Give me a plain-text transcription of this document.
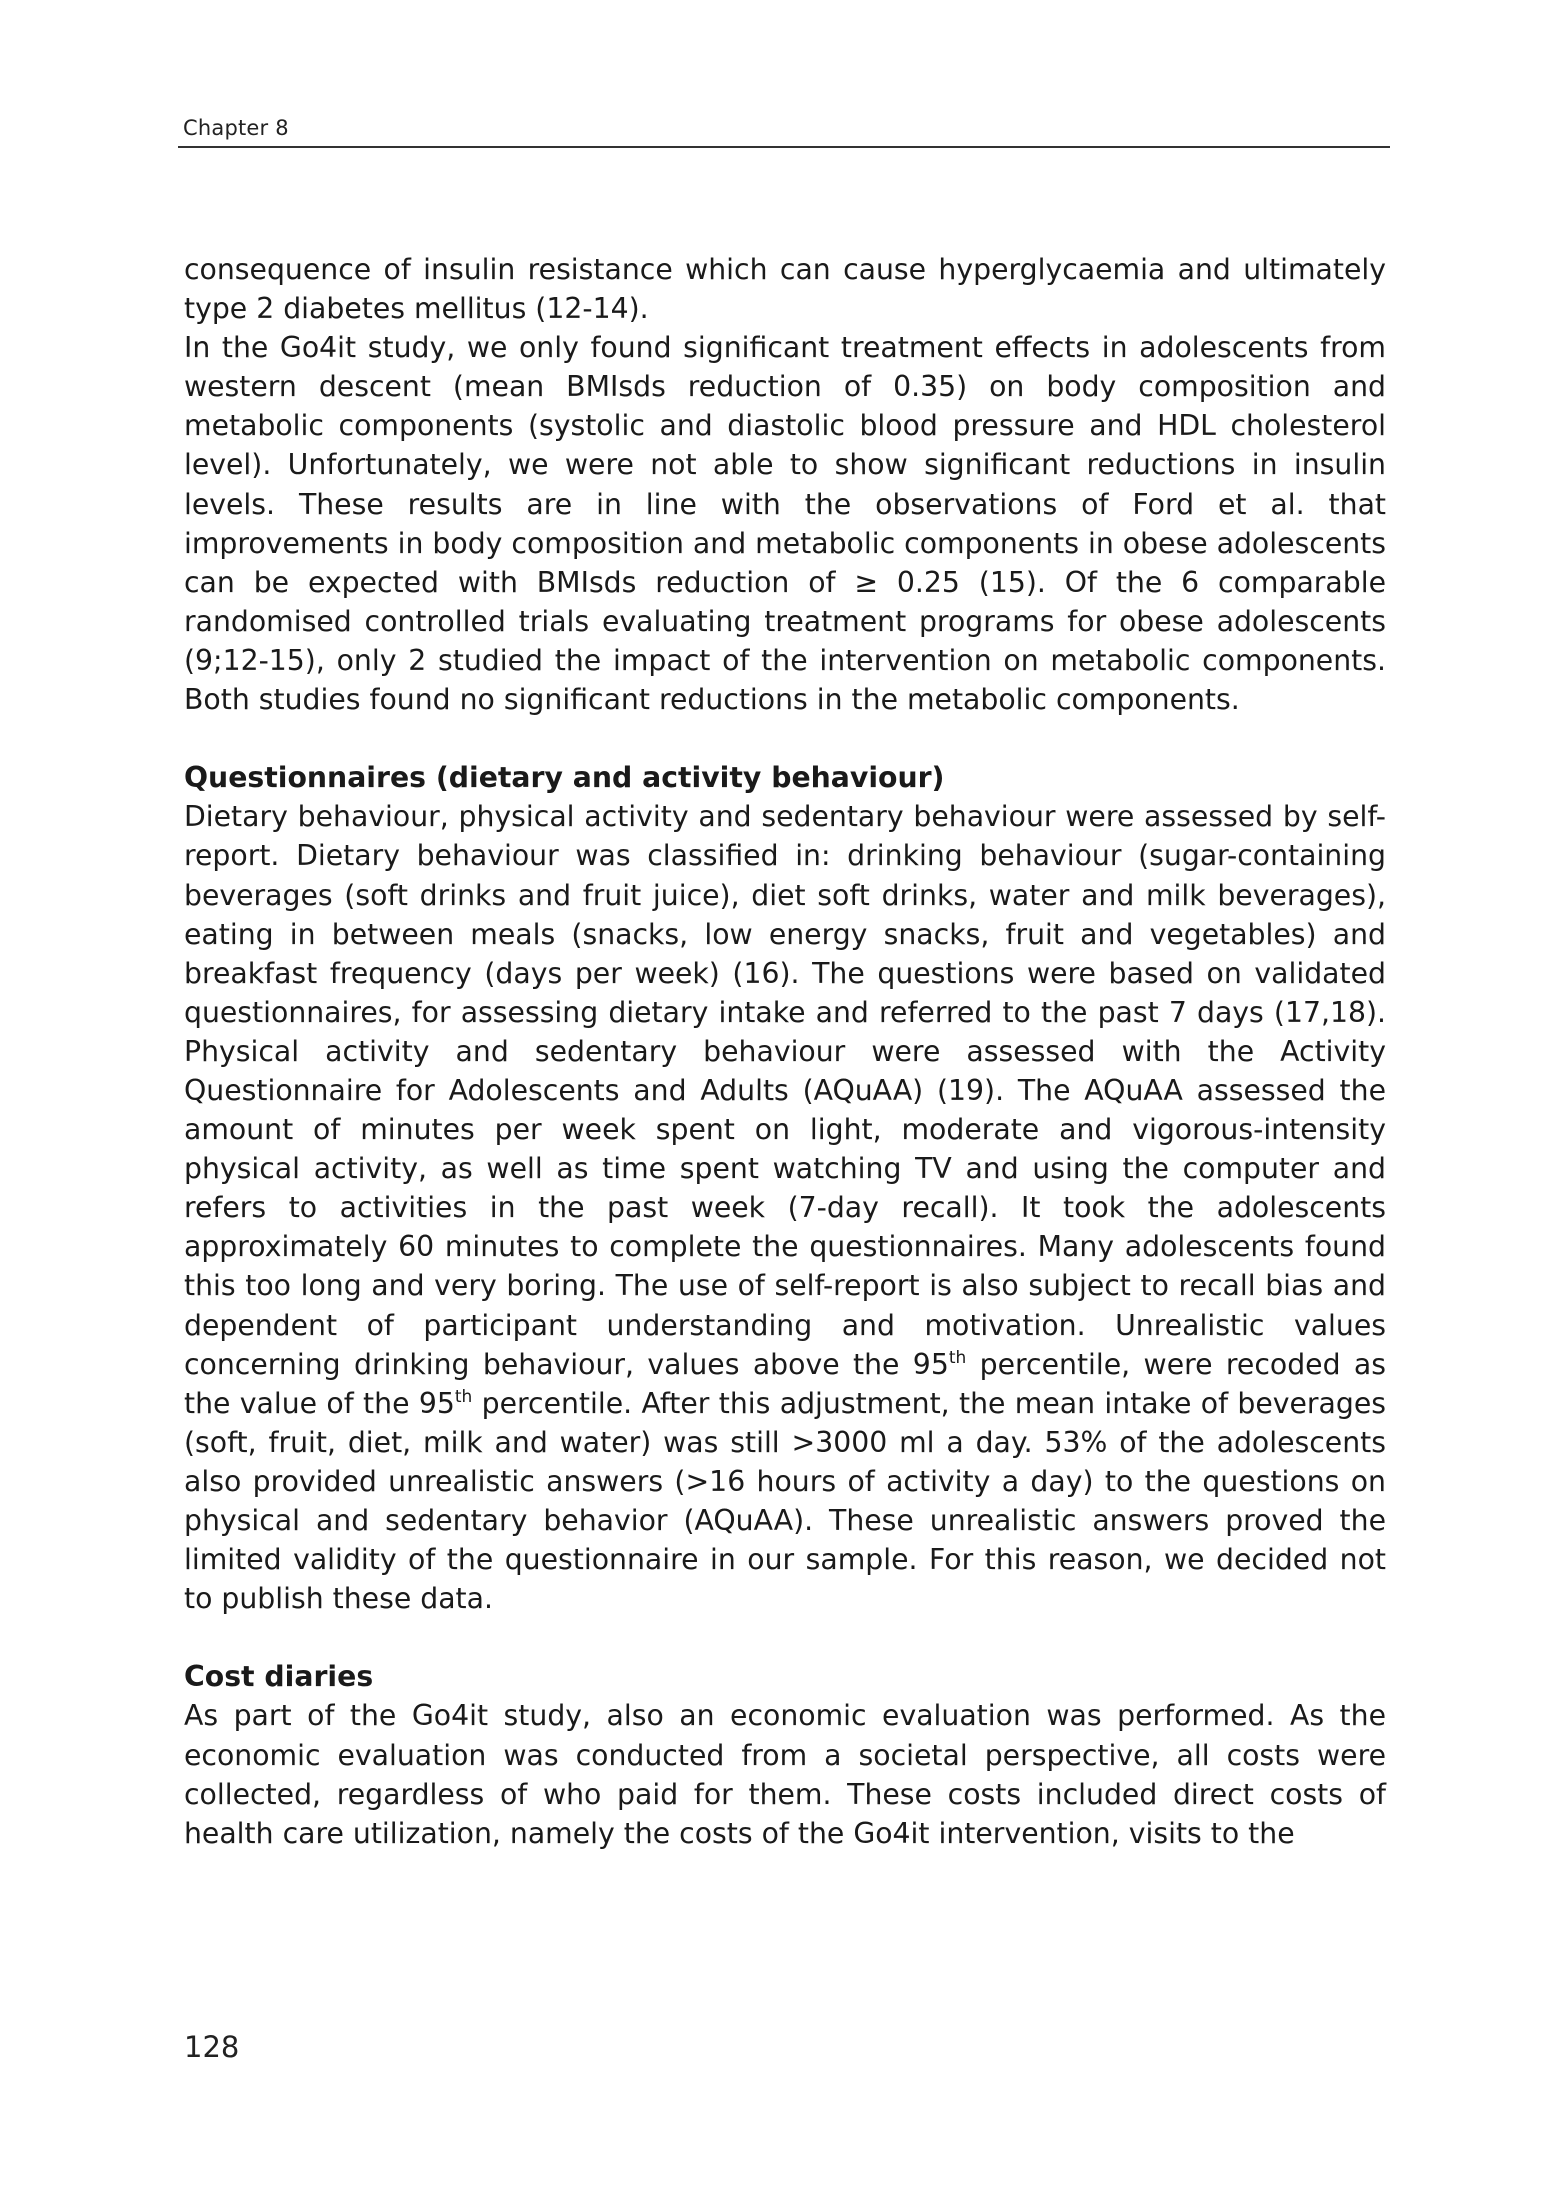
Chapter 8

consequence of insulin resistance which can cause hyperglycaemia and ultimately type 2 diabetes mellitus (12-14).

In the Go4it study, we only found significant treatment effects in adolescents from western descent (mean BMIsds reduction of 0.35) on body composition and metabolic components (systolic and diastolic blood pressure and HDL cholesterol level). Unfortunately, we were not able to show significant reductions in insulin levels. These results are in line with the observations of Ford et al. that improvements in body composition and metabolic components in obese adolescents can be expected with BMIsds reduction of ≥ 0.25 (15). Of the 6 comparable randomised controlled trials evaluating treatment programs for obese adolescents (9;12-15), only 2 studied the impact of the intervention on metabolic components. Both studies found no significant reductions in the metabolic components.

Questionnaires (dietary and activity behaviour)

Dietary behaviour, physical activity and sedentary behaviour were assessed by self-report. Dietary behaviour was classified in: drinking behaviour (sugar-containing beverages (soft drinks and fruit juice), diet soft drinks, water and milk beverages), eating in between meals (snacks, low energy snacks, fruit and vegetables) and breakfast frequency (days per week) (16). The questions were based on validated questionnaires, for assessing dietary intake and referred to the past 7 days (17,18). Physical activity and sedentary behaviour were assessed with the Activity Questionnaire for Adolescents and Adults (AQuAA) (19). The AQuAA assessed the amount of minutes per week spent on light, moderate and vigorous-intensity physical activity, as well as time spent watching TV and using the computer and refers to activities in the past week (7-day recall). It took the adolescents approximately 60 minutes to complete the questionnaires. Many adolescents found this too long and very boring. The use of self-report is also subject to recall bias and dependent of participant understanding and motivation. Unrealistic values concerning drinking behaviour, values above the 95th percentile, were recoded as the value of the 95th percentile. After this adjustment, the mean intake of beverages (soft, fruit, diet, milk and water) was still >3000 ml a day. 53% of the adolescents also provided unrealistic answers (>16 hours of activity a day) to the questions on physical and sedentary behavior (AQuAA). These unrealistic answers proved the limited validity of the questionnaire in our sample. For this reason, we decided not to publish these data.

Cost diaries

As part of the Go4it study, also an economic evaluation was performed. As the economic evaluation was conducted from a societal perspective, all costs were collected, regardless of who paid for them. These costs included direct costs of health care utilization, namely the costs of the Go4it intervention, visits to the

128
